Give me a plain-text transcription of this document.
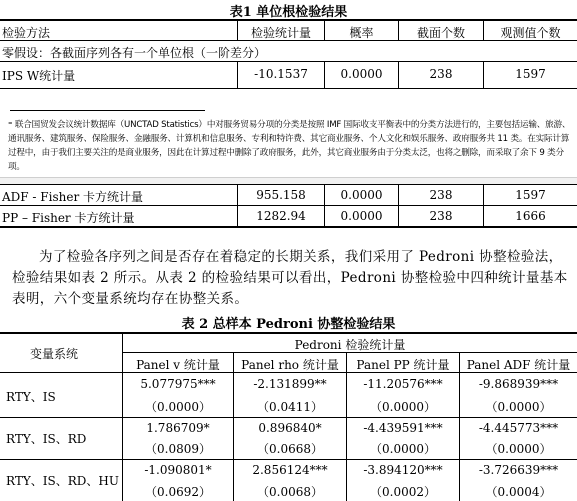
表1 单位根检验结果
检验方法	检验统计量	概率	截面个数	观测值个数
零假设：各截面序列各有一个单位根（一阶差分）
IPS W统计量	-10.1537	0.0000	238	1597
⁼ 联合国贸发会议统计数据库（UNCTAD Statistics）中对服务贸易分项的分类是按照 IMF 国际收支平衡表中的分类方法进行的，主要包括运输、旅游、通讯服务、建筑服务、保险服务、金融服务、计算机和信息服务、专利和特许费、其它商业服务、个人文化和娱乐服务、政府服务共 11 类。在实际计算过程中，由于我们主要关注的是商业服务，因此在计算过程中删除了政府服务，此外，其它商业服务由于分类太泛，也将之删除，而采取了余下 9 类分项。
ADF - Fisher 卡方统计量	955.158	0.0000	238	1597
PP – Fisher 卡方统计量	1282.94	0.0000	238	1666
为了检验各序列之间是否存在着稳定的长期关系，我们采用了 Pedroni 协整检验法，检验结果如表 2 所示。从表 2 的检验结果可以看出，Pedroni 协整检验中四种统计量基本表明，六个变量系统均存在协整关系。
表 2 总样本 Pedroni 协整检验结果
变量系统
Pedroni 检验统计量
Panel v 统计量	Panel rho 统计量	Panel PP 统计量	Panel ADF 统计量
RTY、IS
5.077975***	-2.131899**	-11.20576***	-9.868939***
（0.0000）	（0.0411）	（0.0000）	（0.0000）
RTY、IS、RD
1.786709*	0.896840*	-4.439591***	-4.445773***
（0.0809）	（0.0668）	（0.0000）	（0.0000）
RTY、IS、RD、HU
-1.090801*	2.856124***	-3.894120***	-3.726639***
（0.0692）	（0.0068）	（0.0002）	（0.0004）
